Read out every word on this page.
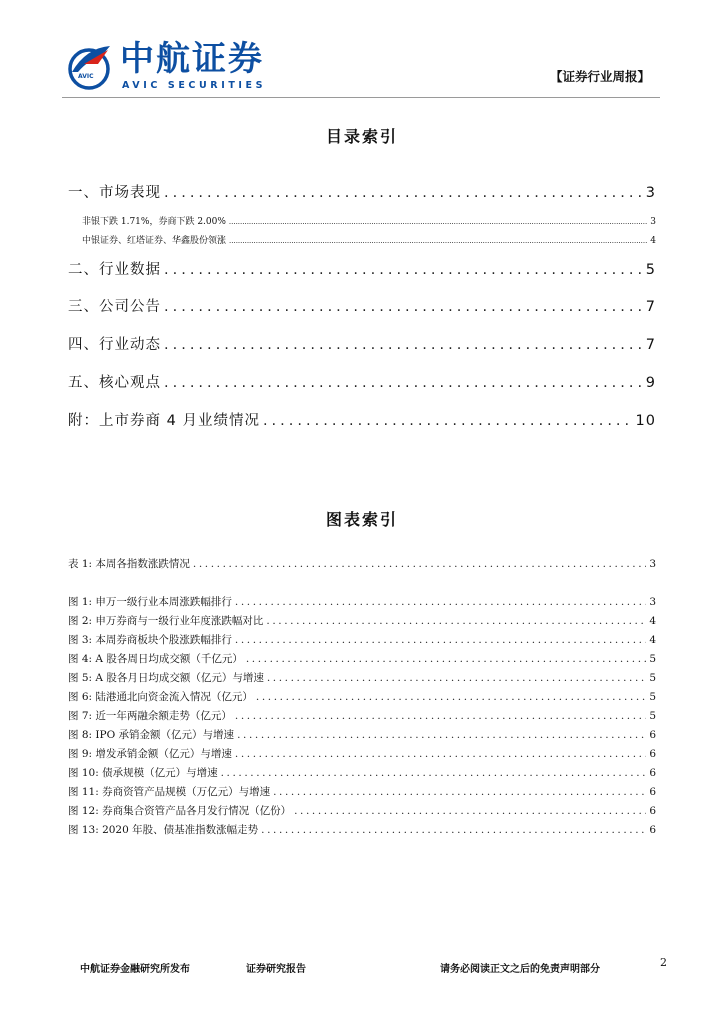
AVIC 中航证券
AVIC SECURITIES
【证券行业周报】
目录索引
一、市场表现 .....	3
非银下跌 1.71%，券商下跌 2.00% .....	3
中银证券、红塔证券、华鑫股份领涨 .....	4
二、行业数据 .....	5
三、公司公告 .....	7
四、行业动态 .....	7
五、核心观点 .....	9
附：上市券商 4 月业绩情况 .....	10
图表索引
表 1: 本周各指数涨跌情况 .....	3
图 1: 申万一级行业本周涨跌幅排行 .....	3
图 2: 申万券商与一级行业年度涨跌幅对比 .....	4
图 3: 本周券商板块个股涨跌幅排行 .....	4
图 4: A 股各周日均成交额（千亿元） .....	5
图 5: A 股各月日均成交额（亿元）与增速 .....	5
图 6: 陆港通北向资金流入情况（亿元） .....	5
图 7: 近一年两融余额走势（亿元） .....	5
图 8: IPO 承销金额（亿元）与增速 .....	6
图 9: 增发承销金额（亿元）与增速 .....	6
图 10: 债承规模（亿元）与增速 .....	6
图 11: 券商资管产品规模（万亿元）与增速 .....	6
图 12: 券商集合资管产品各月发行情况（亿份） .....	6
图 13: 2020 年股、债基准指数涨幅走势 .....	6
中航证券金融研究所发布	证券研究报告	请务必阅读正文之后的免责声明部分
2
